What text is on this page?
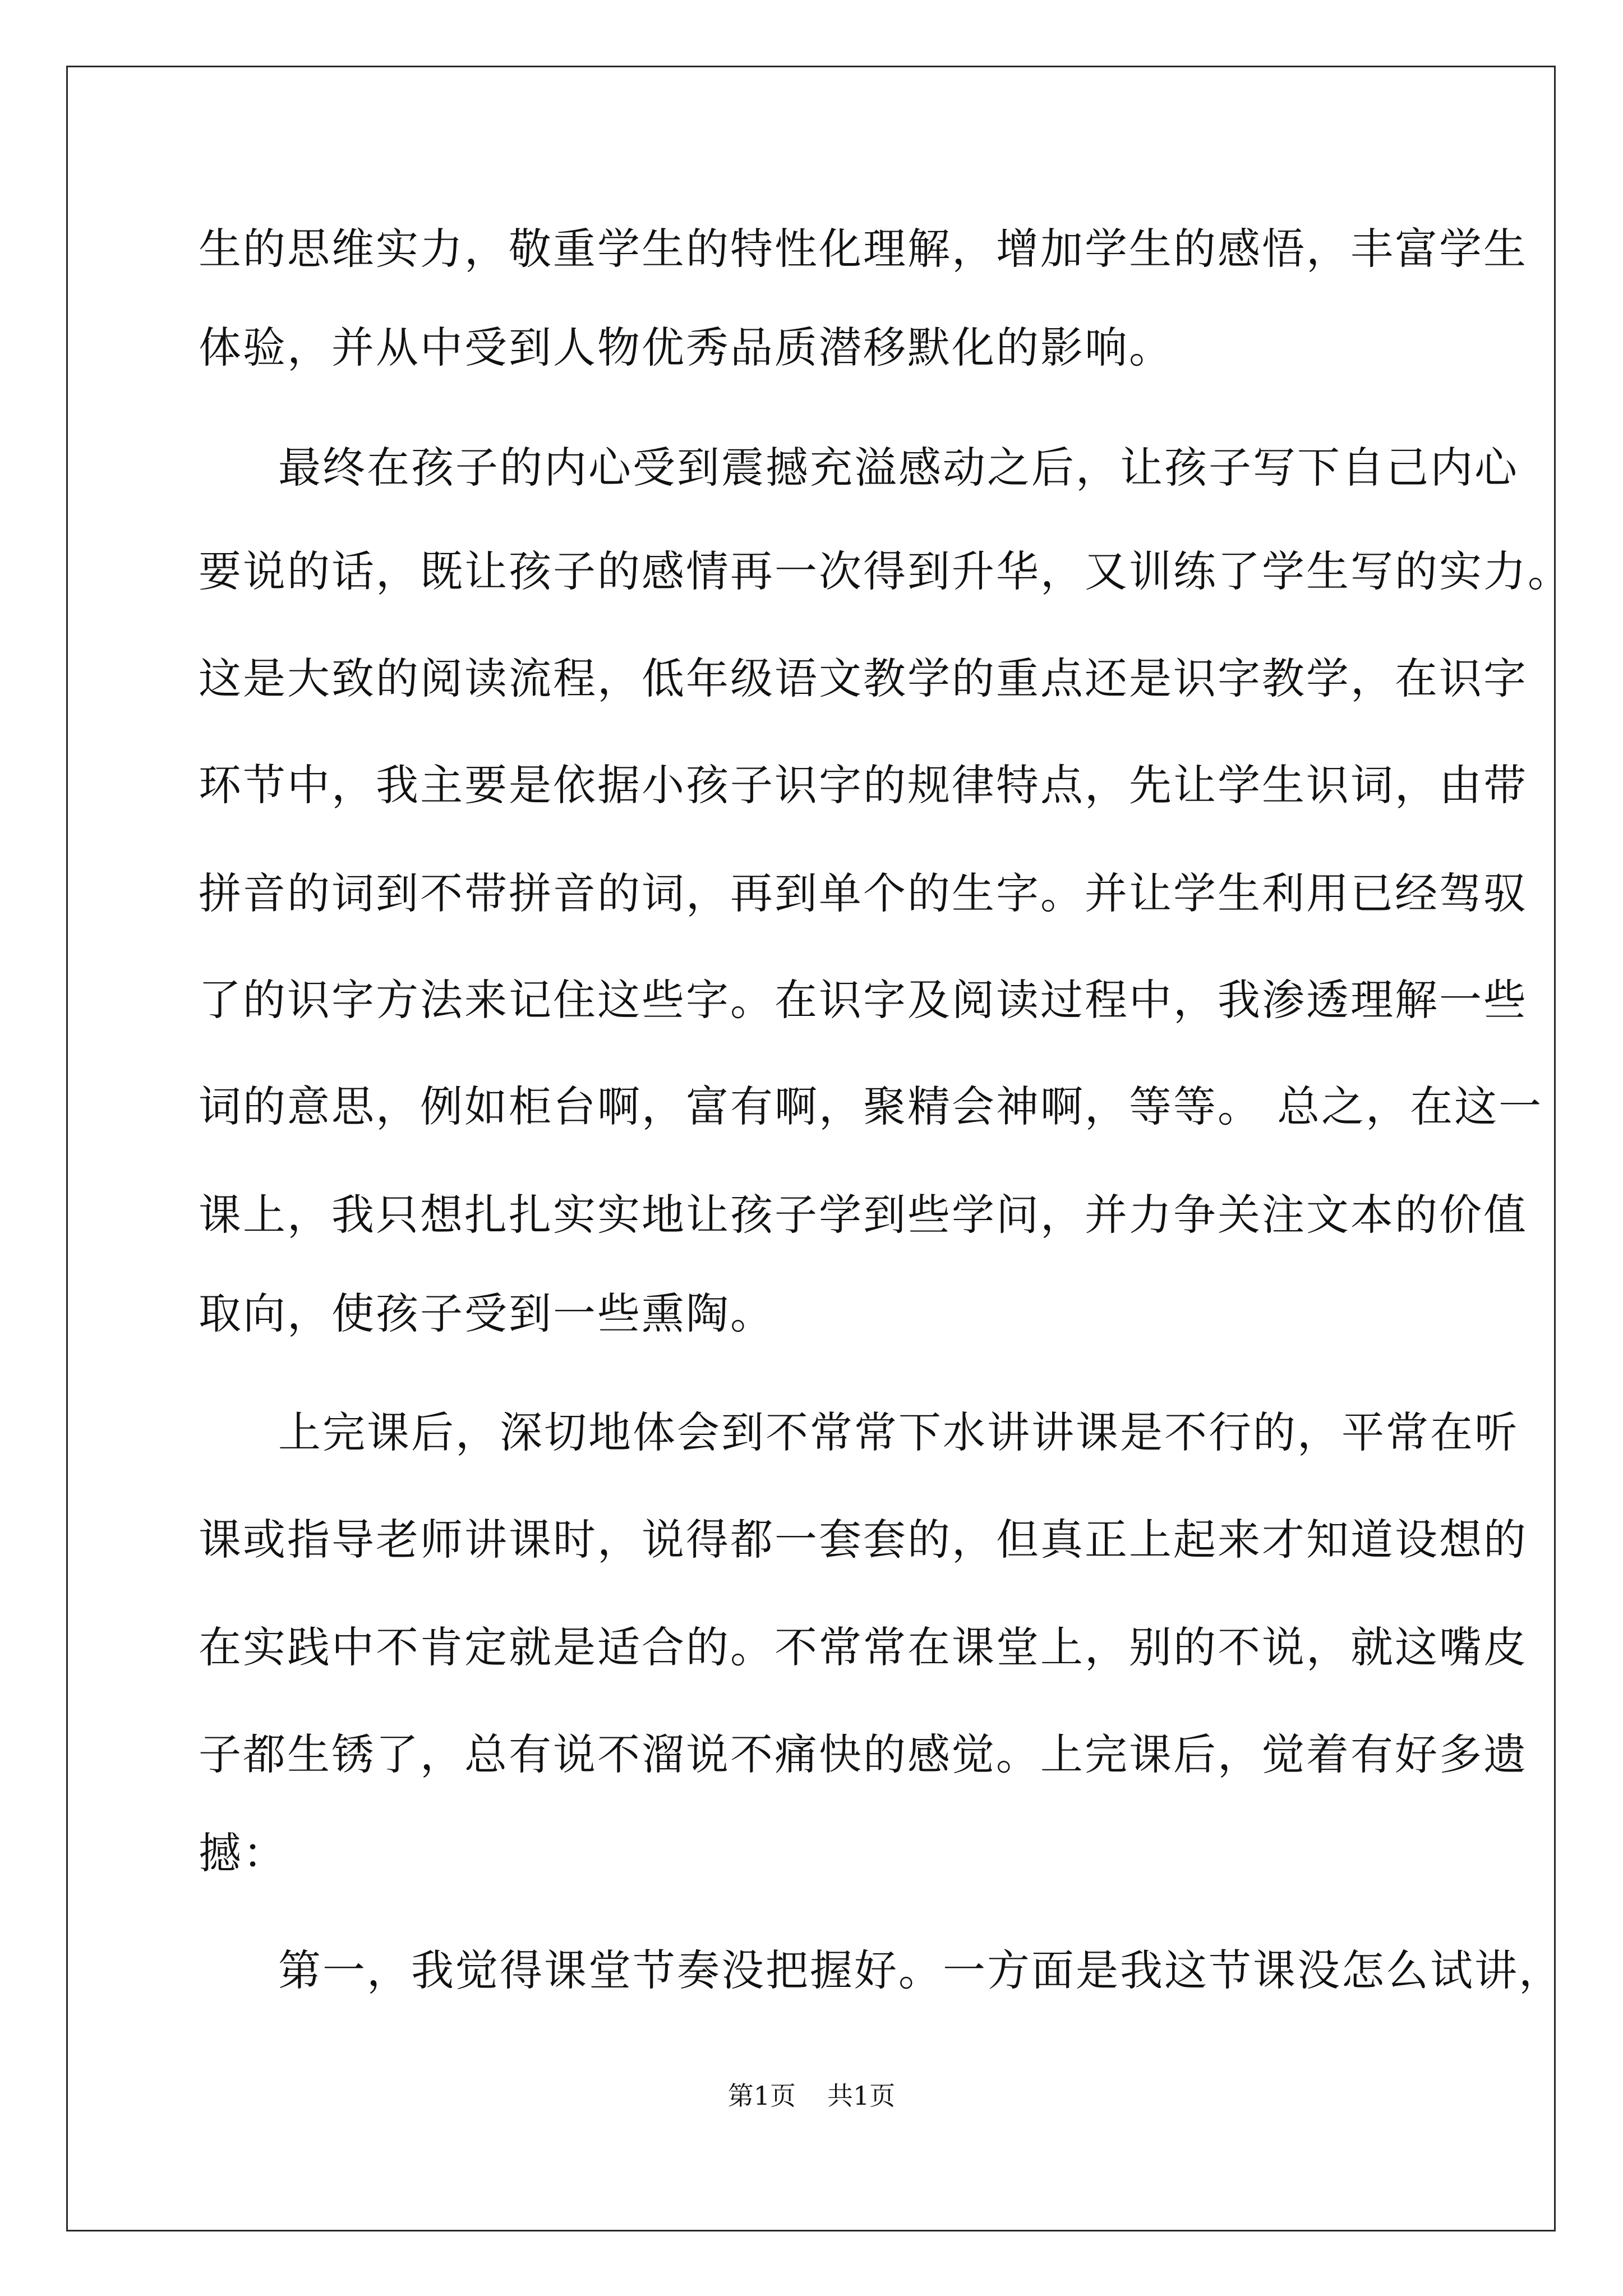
生的思维实力，敬重学生的特性化理解，增加学生的感悟，丰富学生

体验，并从中受到人物优秀品质潜移默化的影响。

最终在孩子的内心受到震撼充溢感动之后，让孩子写下自己内心

要说的话，既让孩子的感情再一次得到升华，又训练了学生写的实力。

这是大致的阅读流程，低年级语文教学的重点还是识字教学，在识字

环节中，我主要是依据小孩子识字的规律特点，先让学生识词，由带

拼音的词到不带拼音的词，再到单个的生字。并让学生利用已经驾驭

了的识字方法来记住这些字。在识字及阅读过程中，我渗透理解一些

词的意思，例如柜台啊，富有啊，聚精会神啊，等等。 总之，在这一

课上，我只想扎扎实实地让孩子学到些学问，并力争关注文本的价值

取向，使孩子受到一些熏陶。

上完课后，深切地体会到不常常下水讲讲课是不行的，平常在听

课或指导老师讲课时，说得都一套套的，但真正上起来才知道设想的

在实践中不肯定就是适合的。不常常在课堂上，别的不说，就这嘴皮

子都生锈了，总有说不溜说不痛快的感觉。上完课后，觉着有好多遗

撼：

第一，我觉得课堂节奏没把握好。一方面是我这节课没怎么试讲，

第1页 共1页
